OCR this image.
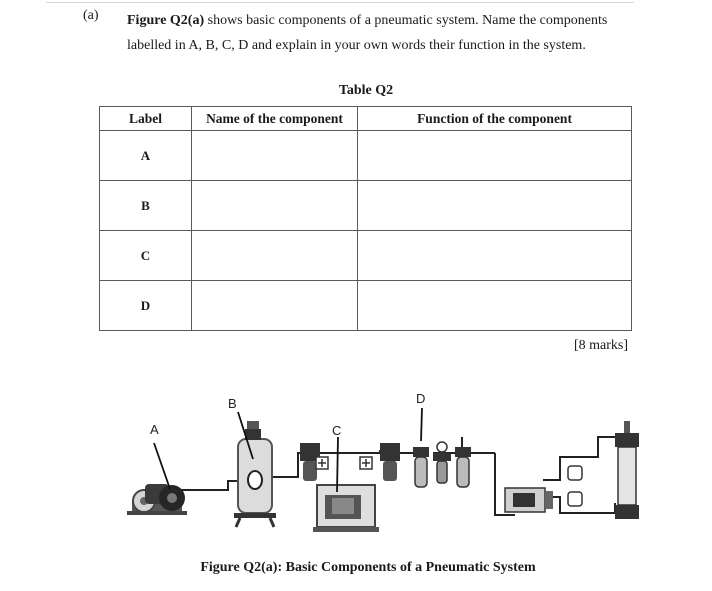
(a) Figure Q2(a) shows basic components of a pneumatic system. Name the components labelled in A, B, C, D and explain in your own words their function in the system.
Table Q2
Label	Name of the component	Function of the component
A		
B		
C		
D		
[8 marks]
A
B
C
D
Figure Q2(a): Basic Components of a Pneumatic System
